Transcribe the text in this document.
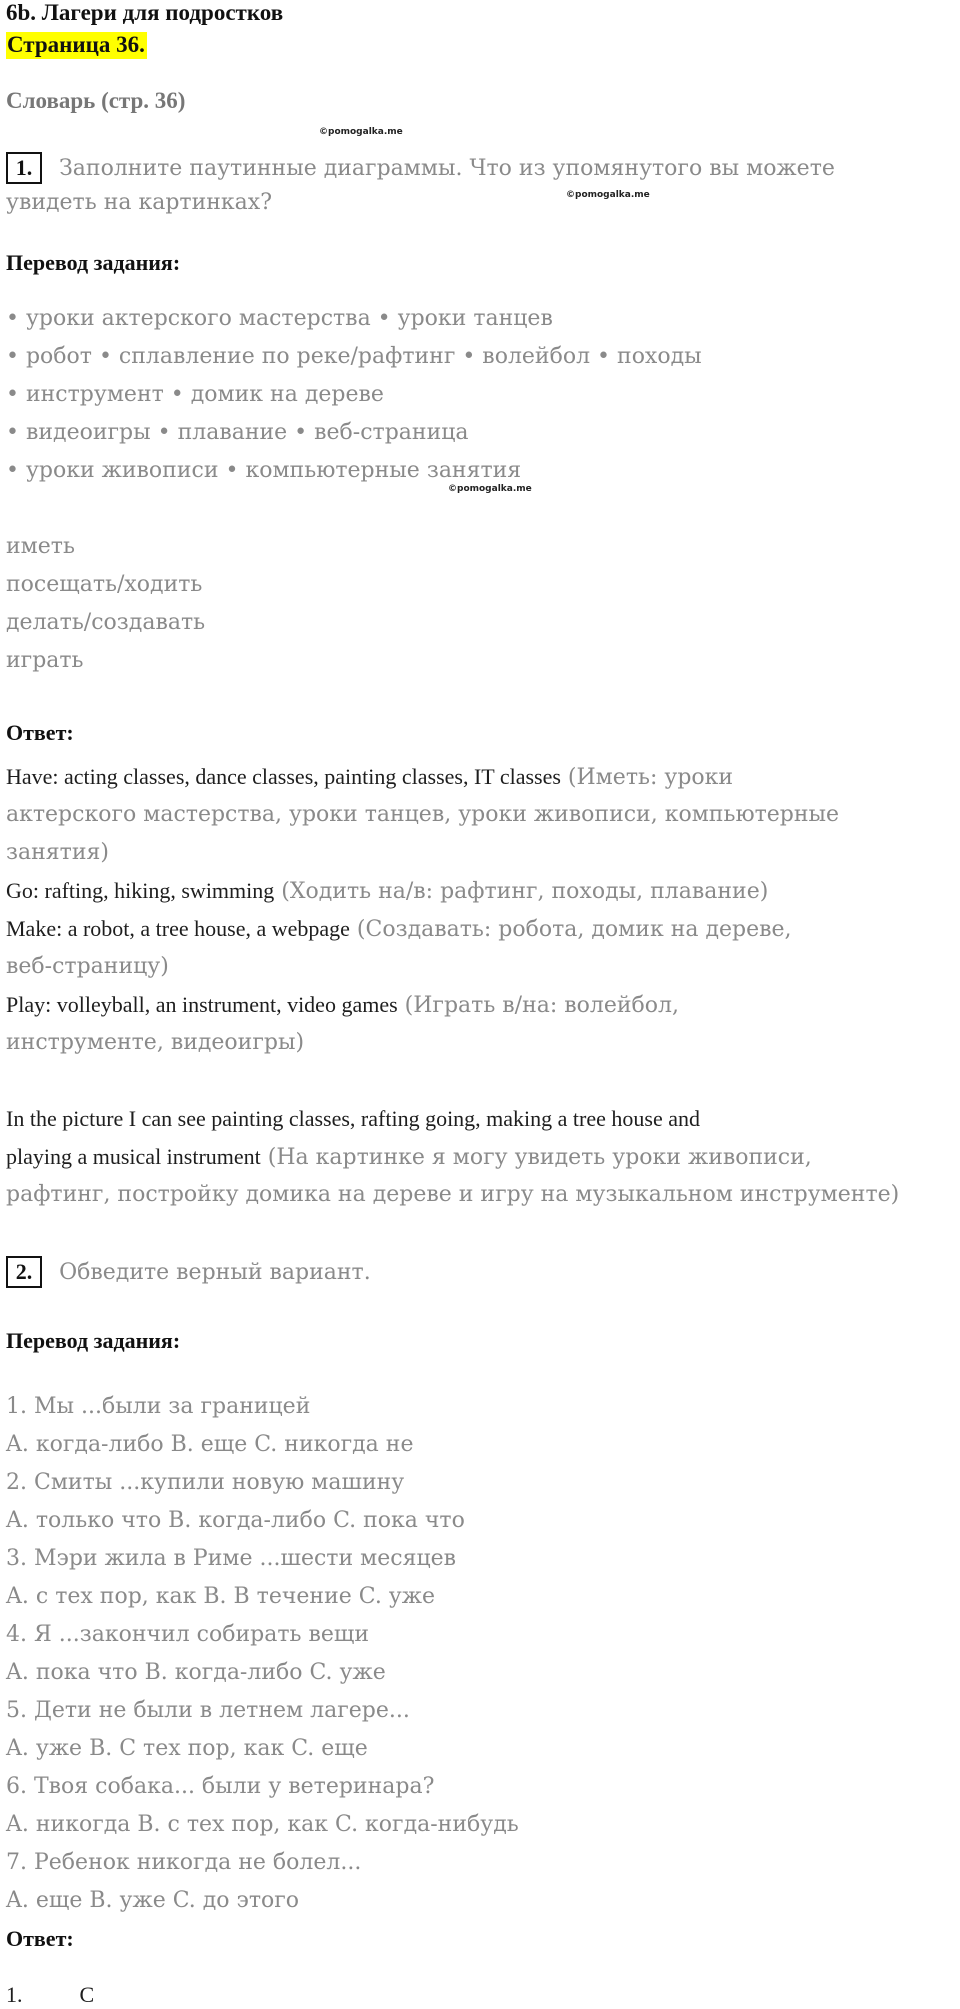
6b. Лагери для подростков
Страница 36.
Словарь (стр. 36)
©pomogalka.me
1. Заполните паутинные диаграммы. Что из упомянутого вы можете
увидеть на картинках?	©pomogalka.me
Перевод задания:
• уроки актерского мастерства • уроки танцев
• робот • сплавление по реке/рафтинг • волейбол • походы
• инструмент • домик на дереве
• видеоигры • плавание • веб-страница
• уроки живописи • компьютерные занятия
©pomogalka.me
иметь
посещать/ходить
делать/создавать
играть
Ответ:
Have: acting classes, dance classes, painting classes, IT classes (Иметь: уроки
актерского мастерства, уроки танцев, уроки живописи, компьютерные
занятия)
Go: rafting, hiking, swimming (Ходить на/в: рафтинг, походы, плавание)
Make: a robot, a tree house, a webpage (Создавать: робота, домик на дереве,
веб-страницу)
Play: volleyball, an instrument, video games (Играть в/на: волейбол,
инструменте, видеоигры)
In the picture I can see painting classes, rafting going, making a tree house and
playing a musical instrument (На картинке я могу увидеть уроки живописи,
рафтинг, постройку домика на дереве и игру на музыкальном инструменте)
2. Обведите верный вариант.
Перевод задания:
1. Мы ...были за границей
A. когда-либо B. еще C. никогда не
2. Смиты ...купили новую машину
A. только что B. когда-либо C. пока что
3. Мэри жила в Риме ...шести месяцев
A. с тех пор, как B. В течение C. уже
4. Я ...закончил собирать вещи
A. пока что B. когда-либо C. уже
5. Дети не были в летнем лагере...
A. уже B. С тех пор, как C. еще
6. Твоя собака... были у ветеринара?
A. никогда B. с тех пор, как C. когда-нибудь
7. Ребенок никогда не болел...
A. еще B. уже C. до этого
Ответ:
1.	C
